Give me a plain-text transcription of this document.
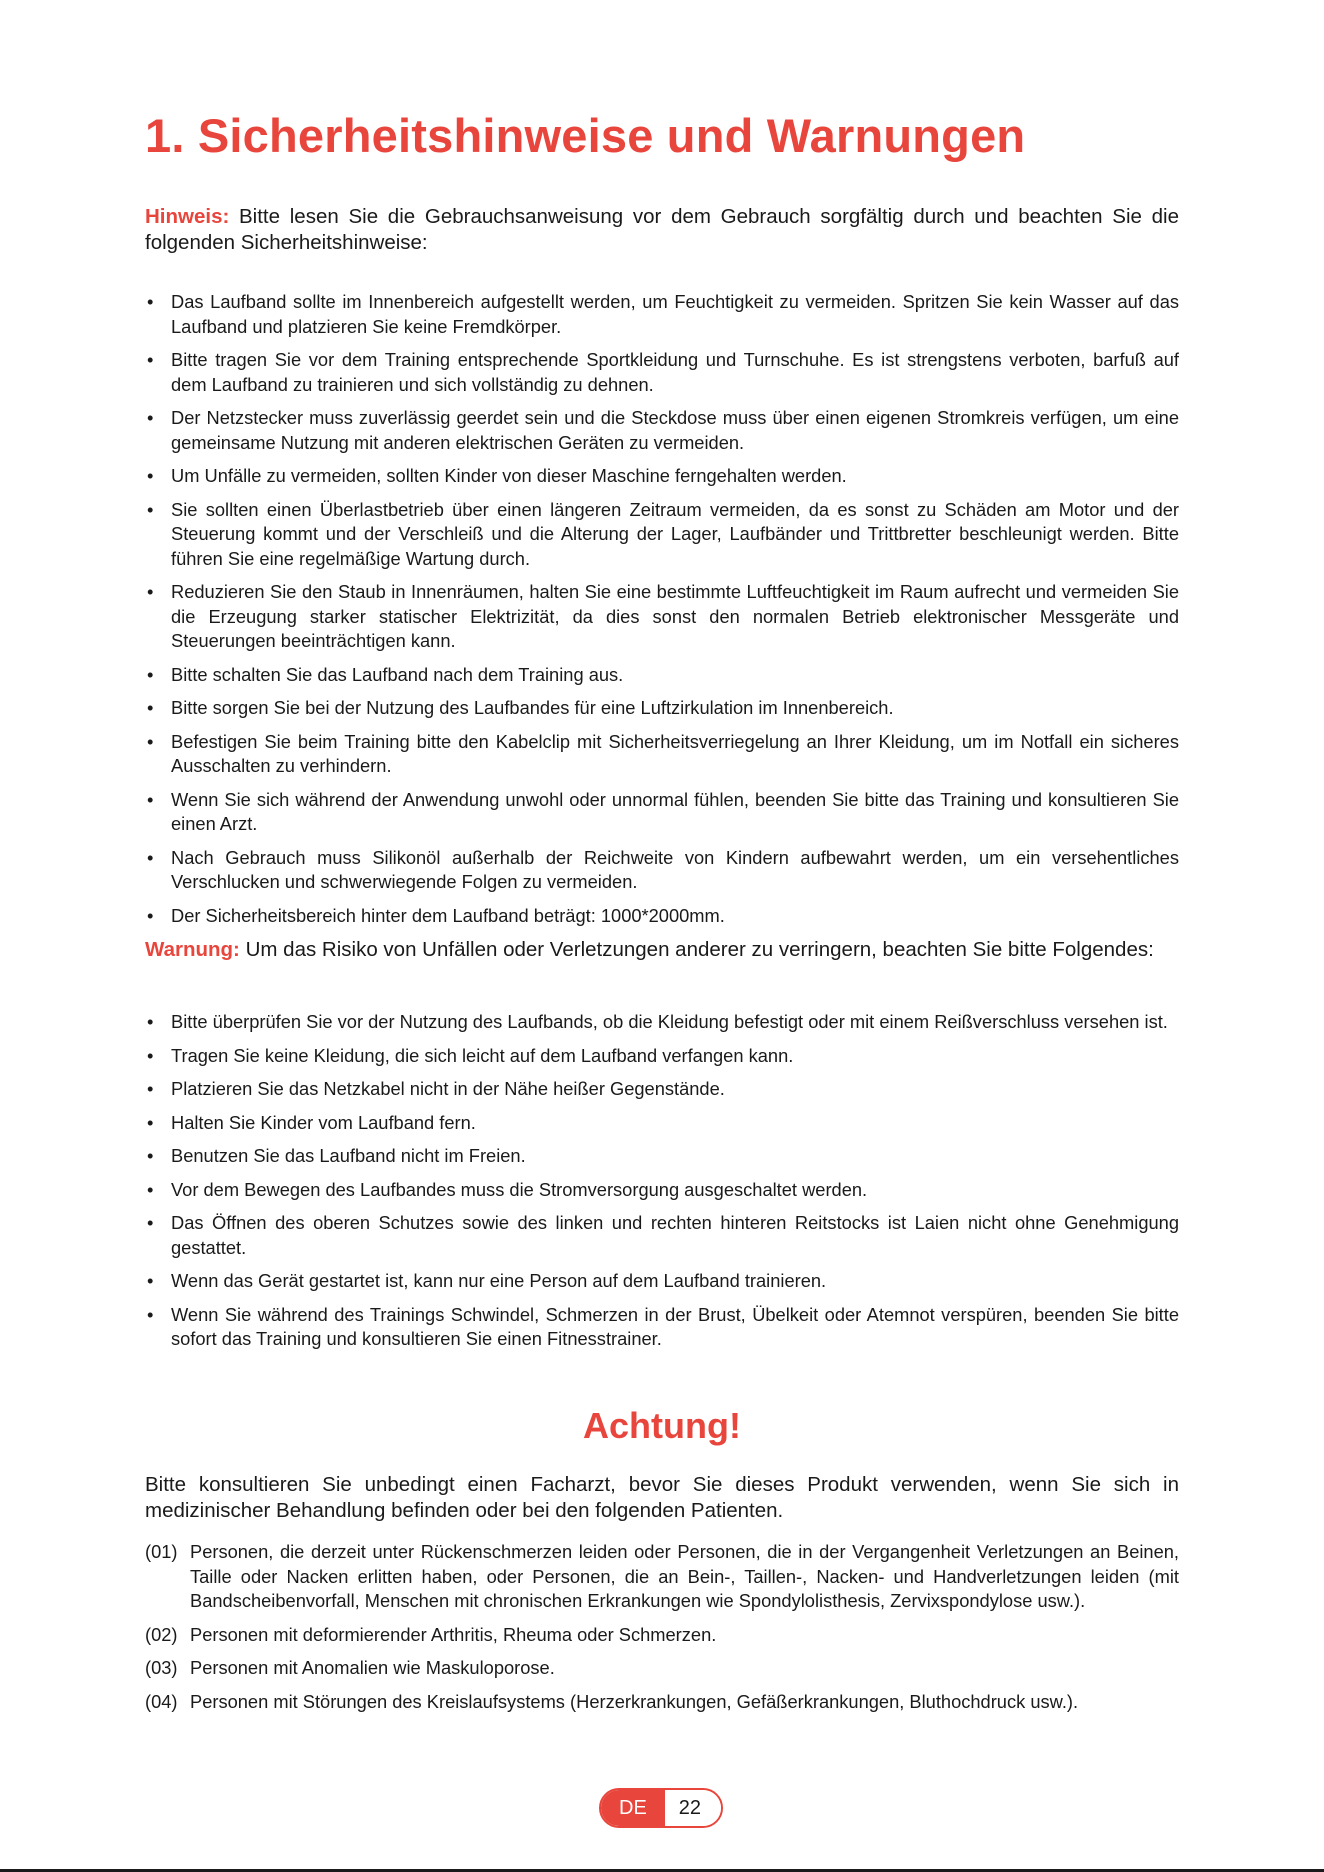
1. Sicherheitshinweise und Warnungen

Hinweis: Bitte lesen Sie die Gebrauchsanweisung vor dem Gebrauch sorgfältig durch und beachten Sie die folgenden Sicherheitshinweise:

• Das Laufband sollte im Innenbereich aufgestellt werden, um Feuchtigkeit zu vermeiden. Spritzen Sie kein Wasser auf das Laufband und platzieren Sie keine Fremdkörper.
• Bitte tragen Sie vor dem Training entsprechende Sportkleidung und Turnschuhe. Es ist strengstens verboten, barfuß auf dem Laufband zu trainieren und sich vollständig zu dehnen.
• Der Netzstecker muss zuverlässig geerdet sein und die Steckdose muss über einen eigenen Stromkreis verfügen, um eine gemeinsame Nutzung mit anderen elektrischen Geräten zu vermeiden.
• Um Unfälle zu vermeiden, sollten Kinder von dieser Maschine ferngehalten werden.
• Sie sollten einen Überlastbetrieb über einen längeren Zeitraum vermeiden, da es sonst zu Schäden am Motor und der Steuerung kommt und der Verschleiß und die Alterung der Lager, Laufbänder und Trittbretter beschleunigt werden. Bitte führen Sie eine regelmäßige Wartung durch.
• Reduzieren Sie den Staub in Innenräumen, halten Sie eine bestimmte Luftfeuchtigkeit im Raum aufrecht und vermeiden Sie die Erzeugung starker statischer Elektrizität, da dies sonst den normalen Betrieb elektronischer Messgeräte und Steuerungen beeinträchtigen kann.
• Bitte schalten Sie das Laufband nach dem Training aus.
• Bitte sorgen Sie bei der Nutzung des Laufbandes für eine Luftzirkulation im Innenbereich.
• Befestigen Sie beim Training bitte den Kabelclip mit Sicherheitsverriegelung an Ihrer Kleidung, um im Notfall ein sicheres Ausschalten zu verhindern.
• Wenn Sie sich während der Anwendung unwohl oder unnormal fühlen, beenden Sie bitte das Training und konsultieren Sie einen Arzt.
• Nach Gebrauch muss Silikonöl außerhalb der Reichweite von Kindern aufbewahrt werden, um ein versehentliches Verschlucken und schwerwiegende Folgen zu vermeiden.
• Der Sicherheitsbereich hinter dem Laufband beträgt: 1000*2000mm.

Warnung: Um das Risiko von Unfällen oder Verletzungen anderer zu verringern, beachten Sie bitte Folgendes:

• Bitte überprüfen Sie vor der Nutzung des Laufbands, ob die Kleidung befestigt oder mit einem Reißverschluss versehen ist.
• Tragen Sie keine Kleidung, die sich leicht auf dem Laufband verfangen kann.
• Platzieren Sie das Netzkabel nicht in der Nähe heißer Gegenstände.
• Halten Sie Kinder vom Laufband fern.
• Benutzen Sie das Laufband nicht im Freien.
• Vor dem Bewegen des Laufbandes muss die Stromversorgung ausgeschaltet werden.
• Das Öffnen des oberen Schutzes sowie des linken und rechten hinteren Reitstocks ist Laien nicht ohne Genehmigung gestattet.
• Wenn das Gerät gestartet ist, kann nur eine Person auf dem Laufband trainieren.
• Wenn Sie während des Trainings Schwindel, Schmerzen in der Brust, Übelkeit oder Atemnot verspüren, beenden Sie bitte sofort das Training und konsultieren Sie einen Fitnesstrainer.
Achtung!

Bitte konsultieren Sie unbedingt einen Facharzt, bevor Sie dieses Produkt verwenden, wenn Sie sich in medizinischer Behandlung befinden oder bei den folgenden Patienten.

(01) Personen, die derzeit unter Rückenschmerzen leiden oder Personen, die in der Vergangenheit Verletzungen an Beinen, Taille oder Nacken erlitten haben, oder Personen, die an Bein-, Taillen-, Nacken- und Handverletzungen leiden (mit Bandscheibenvorfall, Menschen mit chronischen Erkrankungen wie Spondylolisthesis, Zervixspondylose usw.).
(02) Personen mit deformierender Arthritis, Rheuma oder Schmerzen.
(03) Personen mit Anomalien wie Maskuloporose.
(04) Personen mit Störungen des Kreislaufsystems (Herzerkrankungen, Gefäßerkrankungen, Bluthochdruck usw.).
DE	22
